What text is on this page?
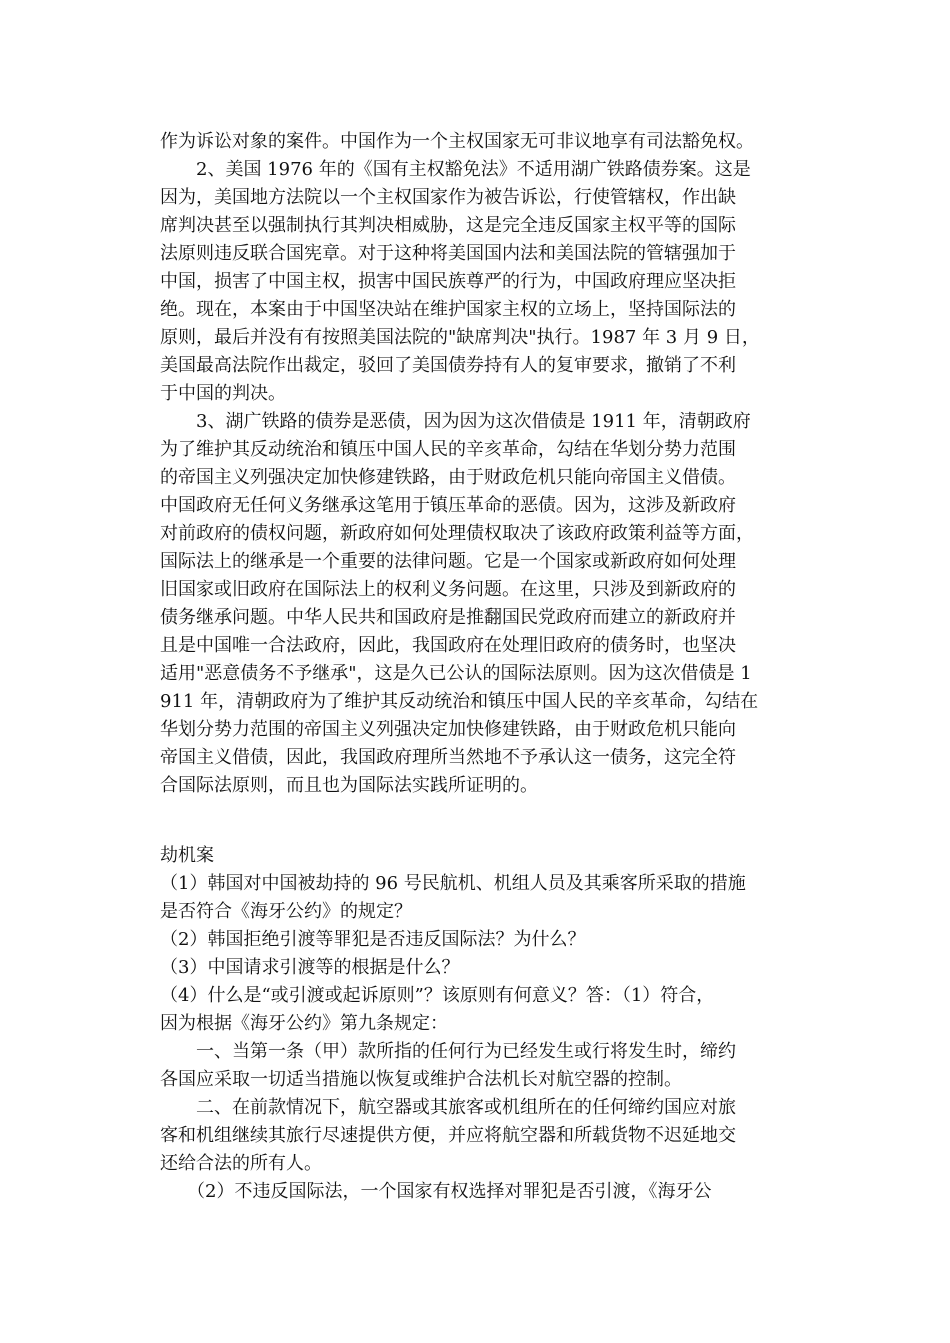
作为诉讼对象的案件。中国作为一个主权国家无可非议地享有司法豁免权。
　　2、美国 1976 年的《国有主权豁免法》不适用湖广铁路债券案。这是
因为，美国地方法院以一个主权国家作为被告诉讼，行使管辖权，作出缺
席判决甚至以强制执行其判决相威胁，这是完全违反国家主权平等的国际
法原则违反联合国宪章。对于这种将美国国内法和美国法院的管辖强加于
中国，损害了中国主权，损害中国民族尊严的行为，中国政府理应坚决拒
绝。现在，本案由于中国坚决站在维护国家主权的立场上，坚持国际法的
原则，最后并没有有按照美国法院的"缺席判决"执行。1987 年 3 月 9 日，
美国最高法院作出裁定，驳回了美国债券持有人的复审要求，撤销了不利
于中国的判决。
　　3、湖广铁路的债券是恶债，因为因为这次借债是 1911 年，清朝政府
为了维护其反动统治和镇压中国人民的辛亥革命，勾结在华划分势力范围
的帝国主义列强决定加快修建铁路，由于财政危机只能向帝国主义借债。
中国政府无任何义务继承这笔用于镇压革命的恶债。因为，这涉及新政府
对前政府的债权问题，新政府如何处理债权取决了该政府政策利益等方面，
国际法上的继承是一个重要的法律问题。它是一个国家或新政府如何处理
旧国家或旧政府在国际法上的权利义务问题。在这里，只涉及到新政府的
债务继承问题。中华人民共和国政府是推翻国民党政府而建立的新政府并
且是中国唯一合法政府，因此，我国政府在处理旧政府的债务时，也坚决
适用"恶意债务不予继承"，这是久已公认的国际法原则。因为这次借债是 1
911 年，清朝政府为了维护其反动统治和镇压中国人民的辛亥革命，勾结在
华划分势力范围的帝国主义列强决定加快修建铁路，由于财政危机只能向
帝国主义借债，因此，我国政府理所当然地不予承认这一债务，这完全符
合国际法原则，而且也为国际法实践所证明的。
劫机案
（1）韩国对中国被劫持的 96 号民航机、机组人员及其乘客所采取的措施
是否符合《海牙公约》的规定？
（2）韩国拒绝引渡等罪犯是否违反国际法？为什么？
（3）中国请求引渡等的根据是什么？
（4）什么是“或引渡或起诉原则”？该原则有何意义？答：（1）符合，
因为根据《海牙公约》第九条规定：
　　一、当第一条（甲）款所指的任何行为已经发生或行将发生时，缔约
各国应采取一切适当措施以恢复或维护合法机长对航空器的控制。
　　二、在前款情况下，航空器或其旅客或机组所在的任何缔约国应对旅
客和机组继续其旅行尽速提供方便，并应将航空器和所载货物不迟延地交
还给合法的所有人。
　　（2）不违反国际法，一个国家有权选择对罪犯是否引渡，《海牙公
